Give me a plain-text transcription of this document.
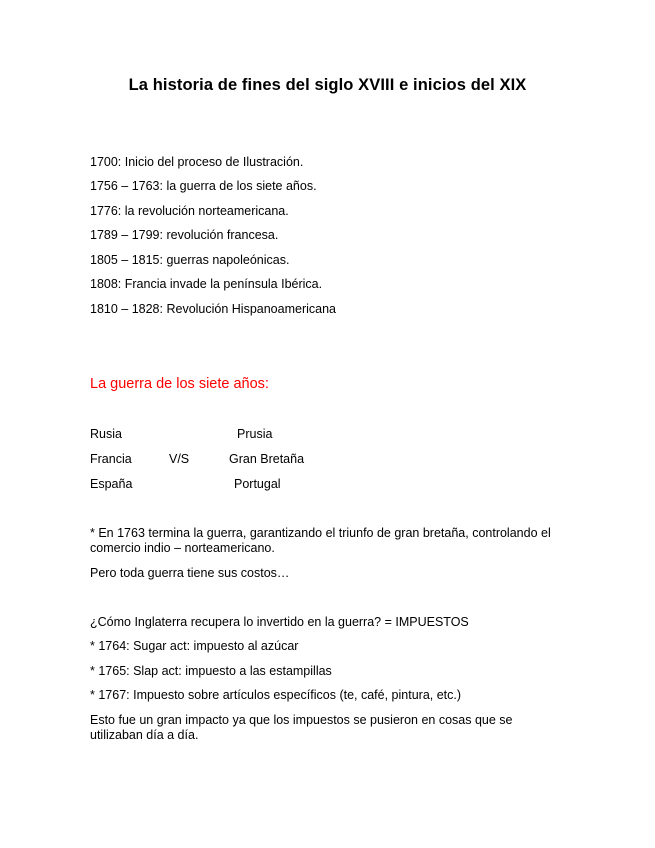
La historia de fines del siglo XVIII e inicios del XIX
1700: Inicio del proceso de Ilustración.
1756 – 1763: la guerra de los siete años.
1776: la revolución norteamericana.
1789 – 1799: revolución francesa.
1805 – 1815: guerras napoleónicas.
1808: Francia invade la península Ibérica.
1810 – 1828: Revolución Hispanoamericana
La guerra de los siete años:
Rusia
Francia
España
V/S
Prusia
Gran Bretaña
Portugal
* En 1763 termina la guerra, garantizando el triunfo de gran bretaña, controlando el comercio indio – norteamericano.
Pero toda guerra tiene sus costos…
¿Cómo Inglaterra recupera lo invertido en la guerra? = IMPUESTOS
* 1764: Sugar act: impuesto al azúcar
* 1765: Slap act: impuesto a las estampillas
* 1767: Impuesto sobre artículos específicos (te, café, pintura, etc.)
Esto fue un gran impacto ya que los impuestos se pusieron en cosas que se utilizaban día a día.
